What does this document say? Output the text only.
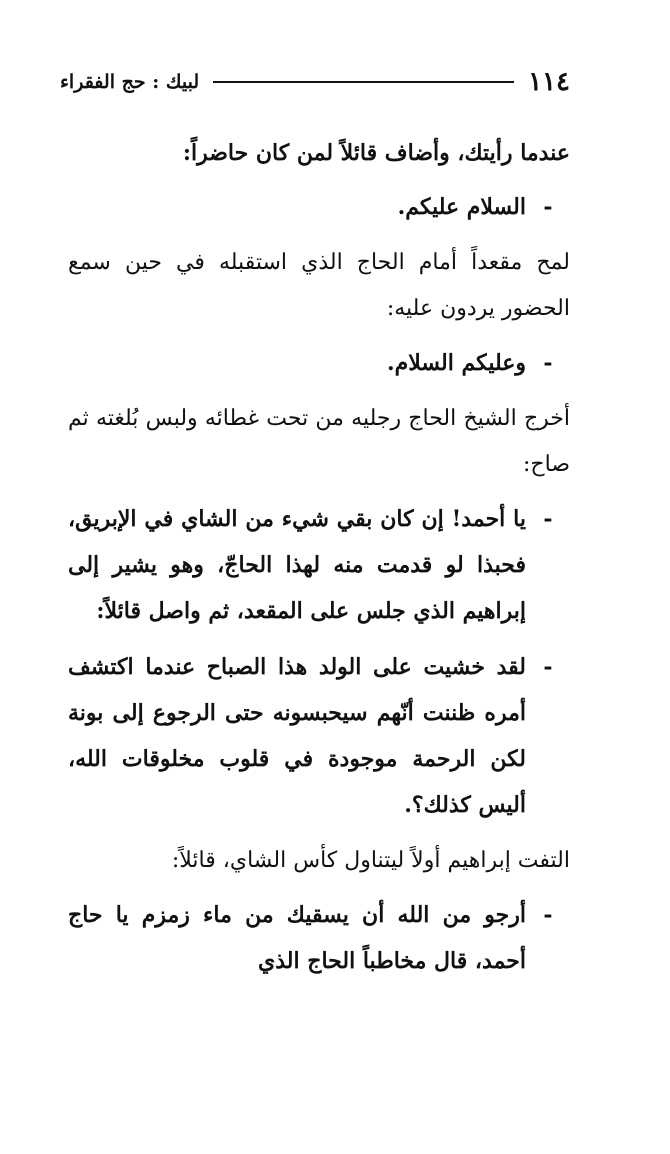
١١٤
لبيك : حج الفقراء

عندما رأيتك، وأضاف قائلاً لمن كان حاضراً:

-
السلام عليكم.

لمح مقعداً أمام الحاج الذي استقبله في حين سمع الحضور يردون عليه:

-
وعليكم السلام.

أخرج الشيخ الحاج رجليه من تحت غطائه ولبس بُلغته ثم صاح:

-
يا أحمد! إن كان بقي شيء من الشاي في الإبريق، فحبذا لو قدمت منه لهذا الحاجّ، وهو يشير إلى إبراهيم الذي جلس على المقعد، ثم واصل قائلاً:
-
لقد خشيت على الولد هذا الصباح عندما اكتشف أمره ظننت أنّهم سيحبسونه حتى الرجوع إلى بونة لكن الرحمة موجودة في قلوب مخلوقات الله، أليس كذلك؟.

التفت إبراهيم أولاً ليتناول كأس الشاي، قائلاً:

-
أرجو من الله أن يسقيك من ماء زمزم يا حاج أحمد، قال مخاطباً الحاج الذي
